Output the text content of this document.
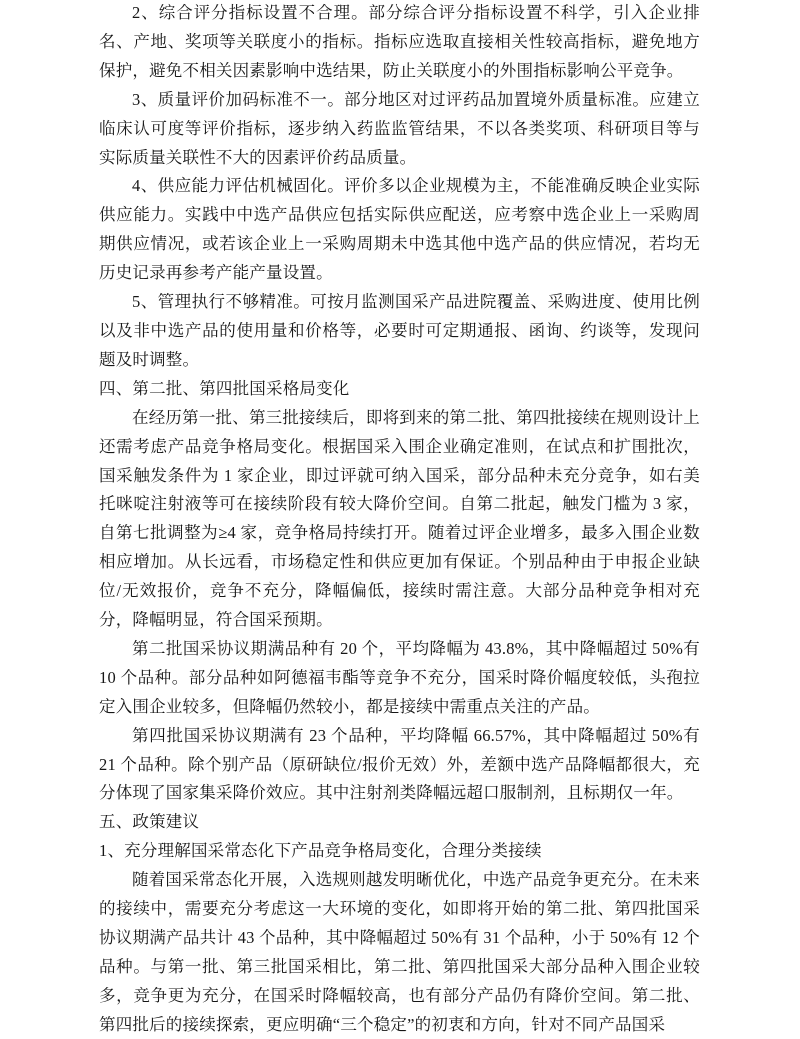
2、综合评分指标设置不合理。部分综合评分指标设置不科学，引入企业排名、产地、奖项等关联度小的指标。指标应选取直接相关性较高指标，避免地方保护，避免不相关因素影响中选结果，防止关联度小的外围指标影响公平竞争。

3、质量评价加码标准不一。部分地区对过评药品加置境外质量标准。应建立临床认可度等评价指标，逐步纳入药监监管结果，不以各类奖项、科研项目等与实际质量关联性不大的因素评价药品质量。

4、供应能力评估机械固化。评价多以企业规模为主，不能准确反映企业实际供应能力。实践中中选产品供应包括实际供应配送，应考察中选企业上一采购周期供应情况，或若该企业上一采购周期未中选其他中选产品的供应情况，若均无历史记录再参考产能产量设置。

5、管理执行不够精准。可按月监测国采产品进院覆盖、采购进度、使用比例以及非中选产品的使用量和价格等，必要时可定期通报、函询、约谈等，发现问题及时调整。

四、第二批、第四批国采格局变化

在经历第一批、第三批接续后，即将到来的第二批、第四批接续在规则设计上还需考虑产品竞争格局变化。根据国采入围企业确定准则，在试点和扩围批次，国采触发条件为 1 家企业，即过评就可纳入国采，部分品种未充分竞争，如右美托咪啶注射液等可在接续阶段有较大降价空间。自第二批起，触发门槛为 3 家，自第七批调整为≥4 家，竞争格局持续打开。随着过评企业增多，最多入围企业数相应增加。从长远看，市场稳定性和供应更加有保证。个别品种由于申报企业缺位/无效报价，竞争不充分，降幅偏低，接续时需注意。大部分品种竞争相对充分，降幅明显，符合国采预期。

第二批国采协议期满品种有 20 个，平均降幅为 43.8%，其中降幅超过 50%有 10 个品种。部分品种如阿德福韦酯等竞争不充分，国采时降价幅度较低，头孢拉定入围企业较多，但降幅仍然较小，都是接续中需重点关注的产品。

第四批国采协议期满有 23 个品种，平均降幅 66.57%，其中降幅超过 50%有 21 个品种。除个别产品（原研缺位/报价无效）外，差额中选产品降幅都很大，充分体现了国家集采降价效应。其中注射剂类降幅远超口服制剂，且标期仅一年。

五、政策建议

1、充分理解国采常态化下产品竞争格局变化，合理分类接续

随着国采常态化开展，入选规则越发明晰优化，中选产品竞争更充分。在未来的接续中，需要充分考虑这一大环境的变化，如即将开始的第二批、第四批国采协议期满产品共计 43 个品种，其中降幅超过 50%有 31 个品种，小于 50%有 12 个品种。与第一批、第三批国采相比，第二批、第四批国采大部分品种入围企业较多，竞争更为充分，在国采时降幅较高，也有部分产品仍有降价空间。第二批、第四批后的接续探索，更应明确“三个稳定”的初衷和方向，针对不同产品国采
